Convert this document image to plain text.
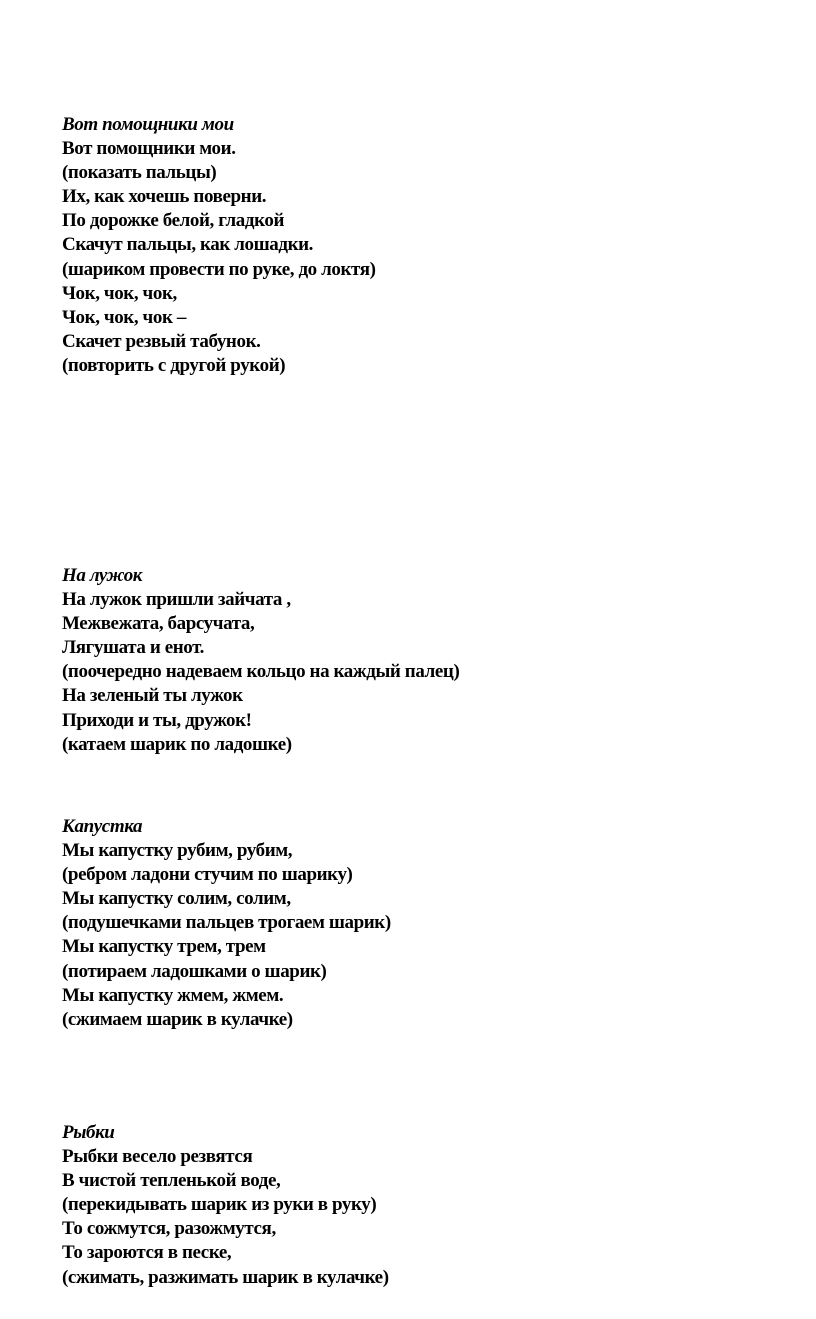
Вот помощники мои
Вот помощники мои.
(показать пальцы)
Их, как хочешь поверни.
По дорожке белой, гладкой
Скачут пальцы, как лошадки.
(шариком провести по руке, до локтя)
Чок, чок, чок,
Чок, чок, чок –
Скачет резвый табунок.
(повторить с другой рукой)
На лужок
На лужок пришли зайчата ,
Межвежата, барсучата,
Лягушата и енот.
(поочередно надеваем кольцо на каждый палец)
На зеленый ты лужок
Приходи и ты, дружок!
(катаем шарик по ладошке)
Капустка
Мы капустку рубим, рубим,
(ребром ладони стучим по шарику)
Мы капустку солим, солим,
(подушечками пальцев трогаем шарик)
Мы капустку трем, трем
(потираем ладошками о шарик)
Мы капустку жмем, жмем.
(сжимаем шарик в кулачке)
Рыбки
Рыбки весело резвятся
В чистой тепленькой воде,
(перекидывать шарик из руки в руку)
То сожмутся, разожмутся,
То зароются в песке,
(сжимать, разжимать шарик в кулачке)
